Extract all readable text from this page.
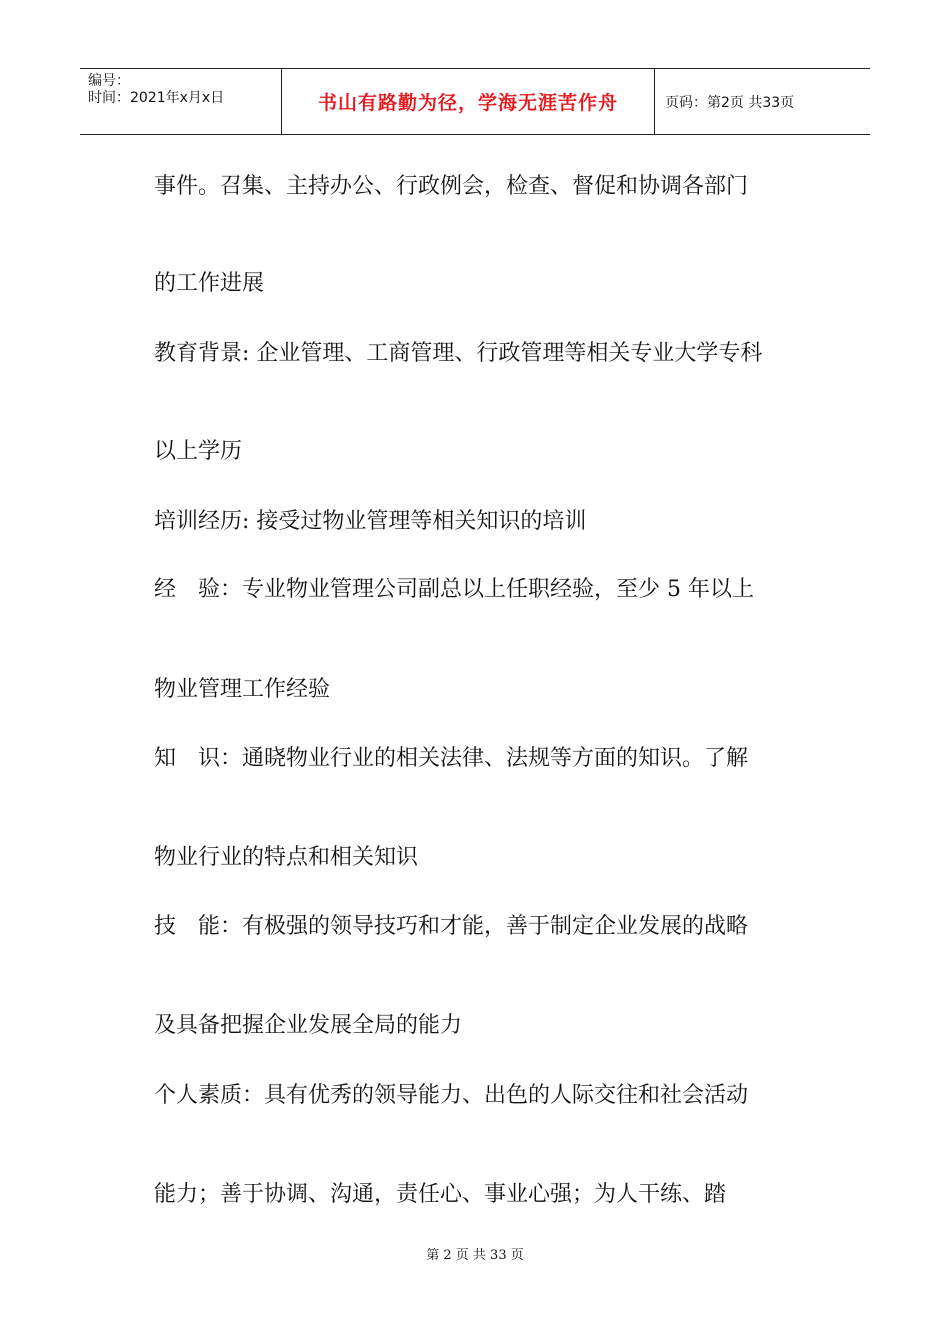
编号：
时间：2021年x月x日	书山有路勤为径，学海无涯苦作舟	页码：第2页 共33页
事件。召集、主持办公、行政例会，检查、督促和协调各部门
的工作进展
教育背景: 企业管理、工商管理、行政管理等相关专业大学专科
以上学历
培训经历: 接受过物业管理等相关知识的培训
经　验：专业物业管理公司副总以上任职经验，至少 5 年以上
物业管理工作经验
知　识：通晓物业行业的相关法律、法规等方面的知识。了解
物业行业的特点和相关知识
技　能：有极强的领导技巧和才能，善于制定企业发展的战略
及具备把握企业发展全局的能力
个人素质：具有优秀的领导能力、出色的人际交往和社会活动
能力；善于协调、沟通，责任心、事业心强；为人干练、踏
第 2 页 共 33 页
